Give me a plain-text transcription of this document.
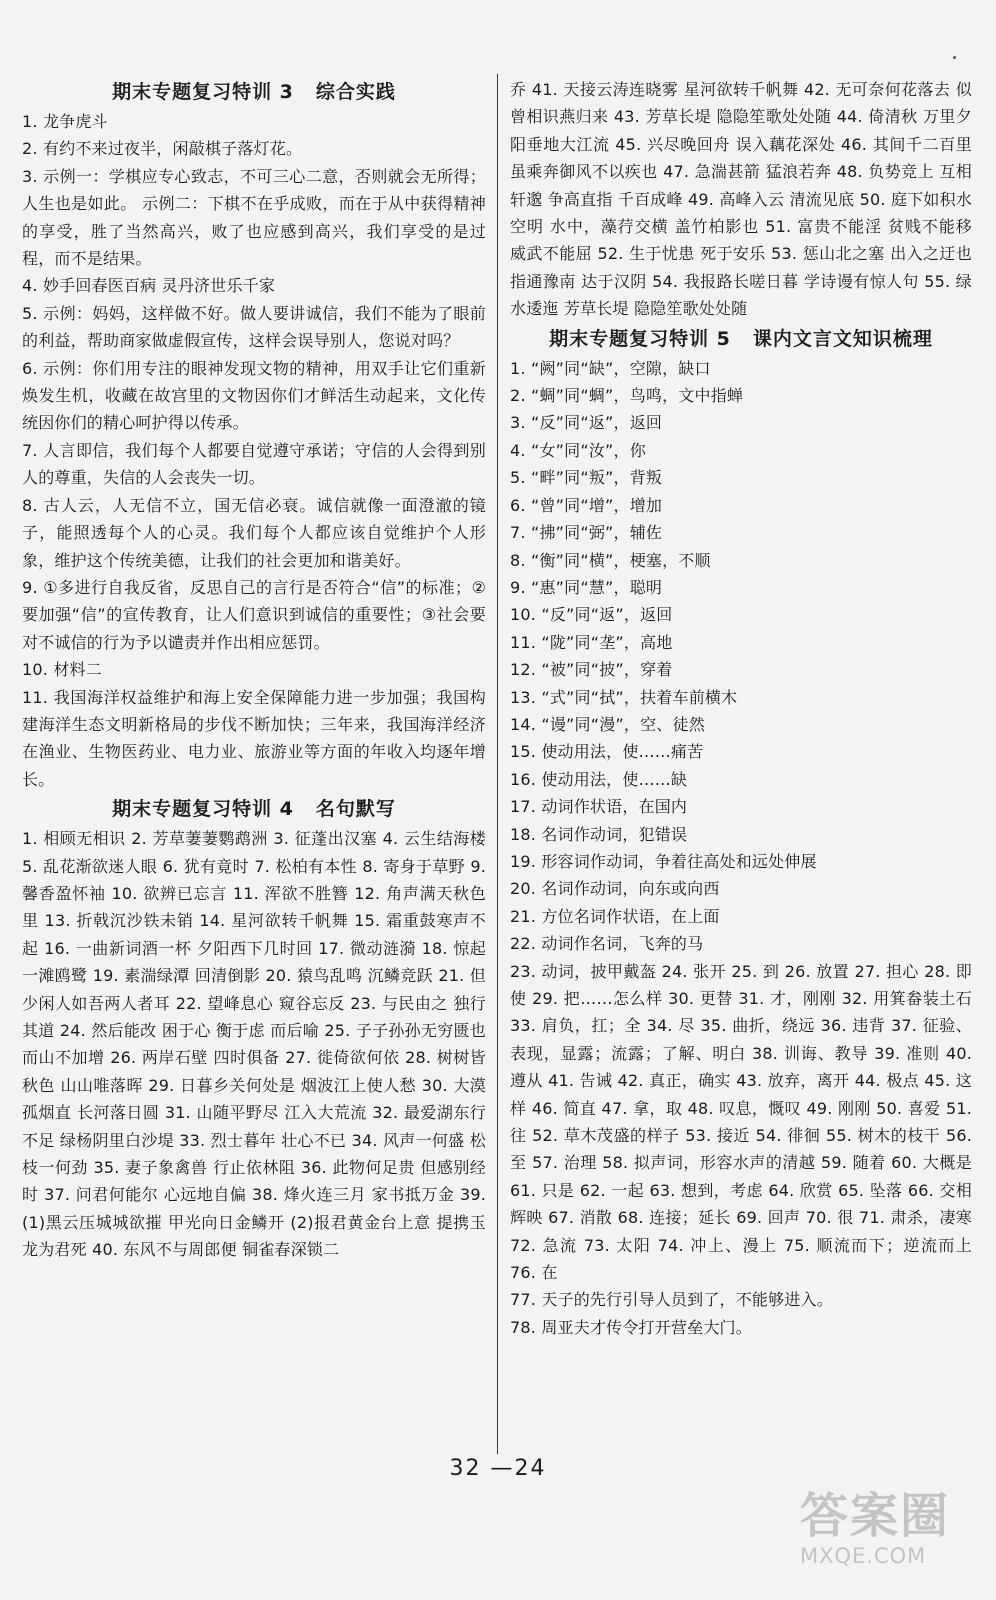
期末专题复习特训 3 综合实践
1. 龙争虎斗
2. 有约不来过夜半，闲敲棋子落灯花。
3. 示例一：学棋应专心致志，不可三心二意，否则就会无所得；人生也是如此。 示例二：下棋不在乎成败，而在于从中获得精神的享受，胜了当然高兴，败了也应感到高兴，我们享受的是过程，而不是结果。
4. 妙手回春医百病 灵丹济世乐千家
5. 示例：妈妈，这样做不好。做人要讲诚信，我们不能为了眼前的利益，帮助商家做虚假宣传，这样会误导别人，您说对吗？
6. 示例：你们用专注的眼神发现文物的精神，用双手让它们重新焕发生机，收藏在故宫里的文物因你们才鲜活生动起来，文化传统因你们的精心呵护得以传承。
7. 人言即信，我们每个人都要自觉遵守承诺；守信的人会得到别人的尊重，失信的人会丧失一切。
8. 古人云，人无信不立，国无信必衰。诚信就像一面澄澈的镜子，能照透每个人的心灵。我们每个人都应该自觉维护个人形象，维护这个传统美德，让我们的社会更加和谐美好。
9. ①多进行自我反省，反思自己的言行是否符合“信”的标准；②要加强“信”的宣传教育，让人们意识到诚信的重要性；③社会要对不诚信的行为予以谴责并作出相应惩罚。
10. 材料二
11. 我国海洋权益维护和海上安全保障能力进一步加强；我国构建海洋生态文明新格局的步伐不断加快；三年来，我国海洋经济在渔业、生物医药业、电力业、旅游业等方面的年收入均逐年增长。
期末专题复习特训 4 名句默写

1. 相顾无相识 2. 芳草萋萋鹦鹉洲 3. 征蓬出汉塞 4. 云生结海楼 5. 乱花渐欲迷人眼 6. 犹有竟时 7. 松柏有本性 8. 寄身于草野 9. 馨香盈怀袖 10. 欲辨已忘言 11. 浑欲不胜簪 12. 角声满天秋色里 13. 折戟沉沙铁未销 14. 星河欲转千帆舞 15. 霜重鼓寒声不起 16. 一曲新词酒一杯 夕阳西下几时回 17. 微动涟漪 18. 惊起一滩鸥鹭 19. 素湍绿潭 回清倒影 20. 猿鸟乱鸣 沉鳞竞跃 21. 但少闲人如吾两人者耳 22. 望峰息心 窥谷忘反 23. 与民由之 独行其道 24. 然后能改 困于心 衡于虑 而后喻 25. 子子孙孙无穷匮也 而山不加增 26. 两岸石壁 四时俱备 27. 徙倚欲何依 28. 树树皆秋色 山山唯落晖 29. 日暮乡关何处是 烟波江上使人愁 30. 大漠孤烟直 长河落日圆 31. 山随平野尽 江入大荒流 32. 最爱湖东行不足 绿杨阴里白沙堤 33. 烈士暮年 壮心不已 34. 风声一何盛 松枝一何劲 35. 妻子象禽兽 行止依林阻 36. 此物何足贵 但感别经时 37. 问君何能尔 心远地自偏 38. 烽火连三月 家书抵万金 39. (1)黑云压城城欲摧 甲光向日金鳞开 (2)报君黄金台上意 提携玉龙为君死 40. 东风不与周郎便 铜雀春深锁二

乔 41. 天接云涛连晓雾 星河欲转千帆舞 42. 无可奈何花落去 似曾相识燕归来 43. 芳草长堤 隐隐笙歌处处随 44. 倚清秋 万里夕阳垂地大江流 45. 兴尽晚回舟 误入藕花深处 46. 其间千二百里 虽乘奔御风不以疾也 47. 急湍甚箭 猛浪若奔 48. 负势竞上 互相轩邈 争高直指 千百成峰 49. 高峰入云 清流见底 50. 庭下如积水空明 水中，藻荇交横 盖竹柏影也 51. 富贵不能淫 贫贱不能移 威武不能屈 52. 生于忧患 死于安乐 53. 惩山北之塞 出入之迂也 指通豫南 达于汉阴 54. 我报路长嗟日暮 学诗谩有惊人句 55. 绿水逶迤 芳草长堤 隐隐笙歌处处随

期末专题复习特训 5 课内文言文知识梳理
1. “阙”同“缺”，空隙，缺口
2. “蜩”同“蜩”，鸟鸣，文中指蝉
3. “反”同“返”，返回
4. “女”同“汝”，你
5. “畔”同“叛”，背叛
6. “曾”同“增”，增加
7. “拂”同“弼”，辅佐
8. “衡”同“横”，梗塞，不顺
9. “惠”同“慧”，聪明
10. “反”同“返”，返回
11. “陇”同“垄”，高地
12. “被”同“披”，穿着
13. “式”同“拭”，扶着车前横木
14. “谩”同“漫”，空、徒然
15. 使动用法，使……痛苦
16. 使动用法，使……缺
17. 动词作状语，在国内
18. 名词作动词，犯错误
19. 形容词作动词，争着往高处和远处伸展
20. 名词作动词，向东或向西
21. 方位名词作状语，在上面
22. 动词作名词，飞奔的马
23. 动词，披甲戴盔 24. 张开 25. 到 26. 放置 27. 担心 28. 即使 29. 把……怎么样 30. 更替 31. 才，刚刚 32. 用箕畚装土石 33. 肩负，扛；全 34. 尽 35. 曲折，绕远 36. 违背 37. 征验、表现，显露；流露；了解、明白 38. 训诲、教导 39. 准则 40. 遵从 41. 告诫 42. 真正，确实 43. 放弃，离开 44. 极点 45. 这样 46. 简直 47. 拿，取 48. 叹息，慨叹 49. 刚刚 50. 喜爱 51. 往 52. 草木茂盛的样子 53. 接近 54. 徘徊 55. 树木的枝干 56. 至 57. 治理 58. 拟声词，形容水声的清越 59. 随着 60. 大概是 61. 只是 62. 一起 63. 想到，考虑 64. 欣赏 65. 坠落 66. 交相辉映 67. 消散 68. 连接；延长 69. 回声 70. 很 71. 肃杀，凄寒 72. 急流 73. 太阳 74. 冲上、漫上 75. 顺流而下；逆流而上 76. 在
77. 天子的先行引导人员到了，不能够进入。
78. 周亚夫才传令打开营垒大门。
32 —24
答案圈
MXQE.COM
